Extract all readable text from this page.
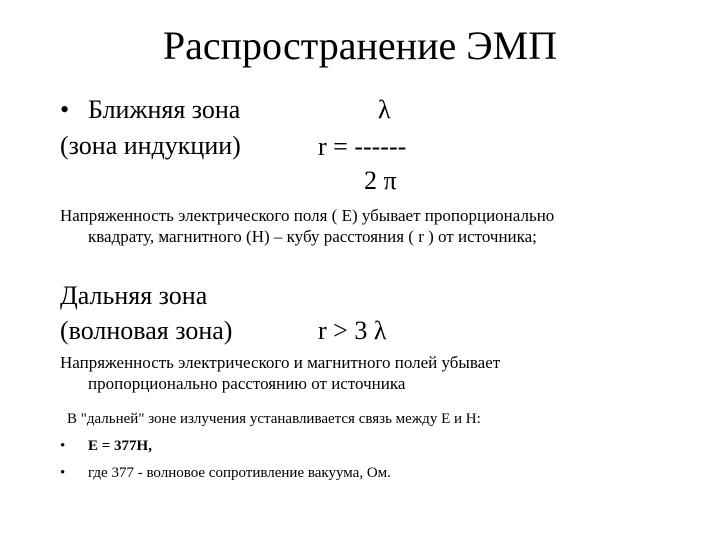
Распространение ЭМП
• Ближняя зона
(зона индукции)
λ
r = ------
2 π
Напряженность электрического поля ( E) убывает пропорционально
квадрату, магнитного (H) – кубу расстояния ( r ) от источника;
Дальняя зона
(волновая зона)	r > 3 λ
Напряженность электрического и магнитного полей убывает
пропорционально расстоянию от источника
В "дальней" зоне излучения устанавливается связь между Е и Н:
• Е = 377Н,
• где 377 - волновое сопротивление вакуума, Ом.
